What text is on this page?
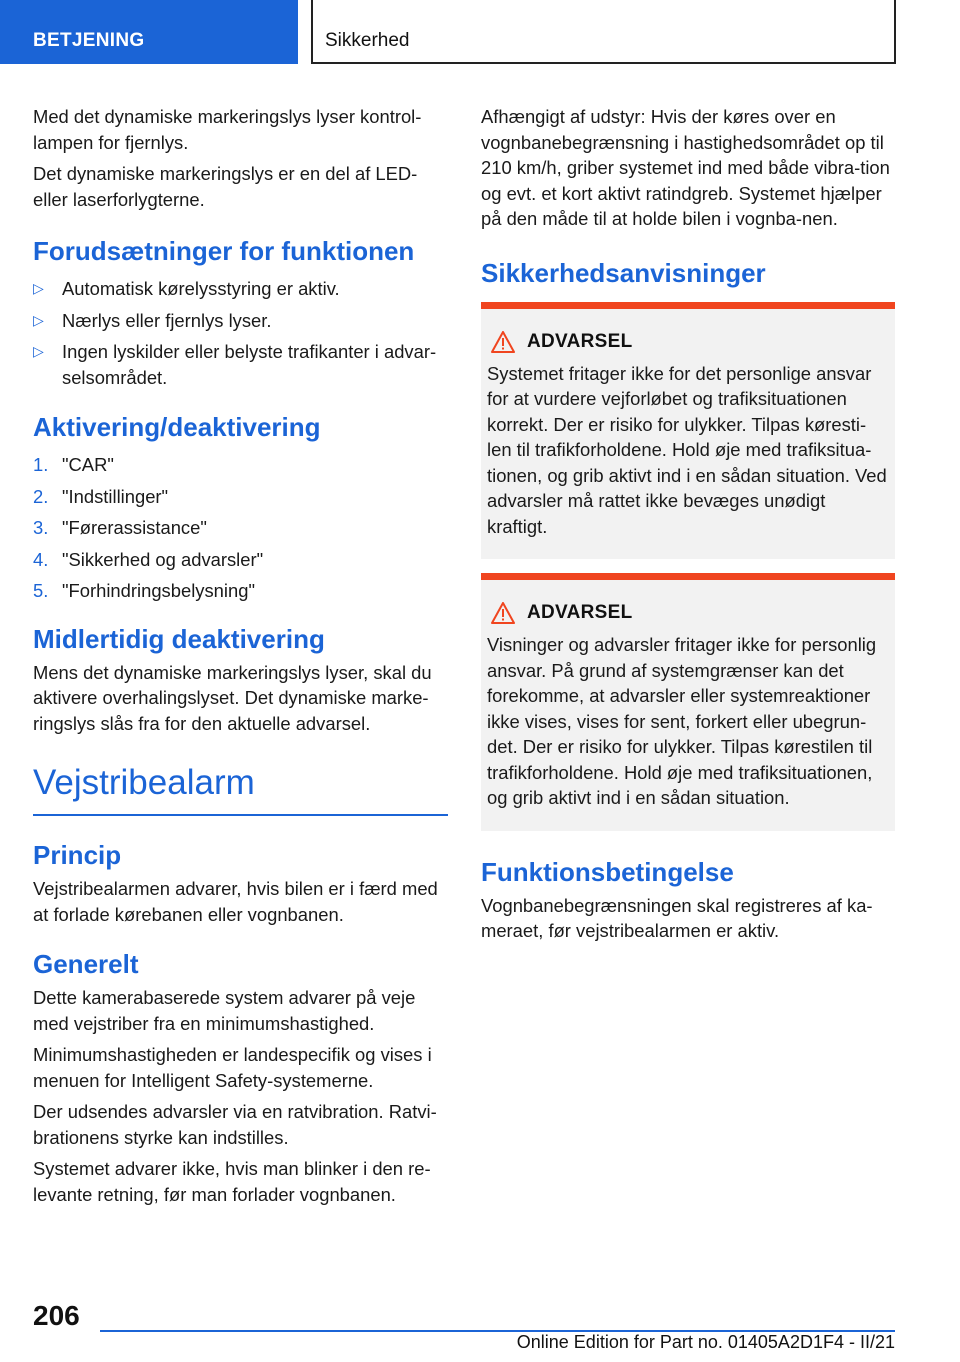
BETJENING	Sikkerhed

Med det dynamiske markeringslys lyser kontrol‐lampen for fjernlys.

Det dynamiske markeringslys er en del af LED-eller laserforlygterne.

Forudsætninger for funktionen
▷ Automatisk kørelysstyring er aktiv.
▷ Nærlys eller fjernlys lyser.
▷ Ingen lyskilder eller belyste trafikanter i advar‐selsområdet.
Aktivering/deaktivering
1. "CAR"
2. "Indstillinger"
3. "Førerassistance"
4. "Sikkerhed og advarsler"
5. "Forhindringsbelysning"
Midlertidig deaktivering

Mens det dynamiske markeringslys lyser, skal du aktivere overhalingslyset. Det dynamiske marke‐ringslys slås fra for den aktuelle advarsel.

Vejstribealarm
Princip

Vejstribealarmen advarer, hvis bilen er i færd med at forlade kørebanen eller vognbanen.

Generelt

Dette kamerabaserede system advarer på veje med vejstriber fra en minimumshastighed.

Minimumshastigheden er landespecifik og vises i menuen for Intelligent Safety-systemerne.

Der udsendes advarsler via en ratvibration. Ratvi‐brationens styrke kan indstilles.

Systemet advarer ikke, hvis man blinker i den re‐levante retning, før man forlader vognbanen.

Afhængigt af udstyr: Hvis der køres over en vognbanebegrænsning i hastighedsområdet op til 210 km/h, griber systemet ind med både vibra‐tion og evt. et kort aktivt ratindgreb. Systemet hjælper på den måde til at holde bilen i vognba‐nen.

Sikkerhedsanvisninger
ADVARSEL

Systemet fritager ikke for det personlige ansvar for at vurdere vejforløbet og trafiksituationen korrekt. Der er risiko for ulykker. Tilpas køresti‐len til trafikforholdene. Hold øje med trafiksitua‐tionen, og grib aktivt ind i en sådan situation. Ved advarsler må rattet ikke bevæges unødigt kraftigt.

ADVARSEL

Visninger og advarsler fritager ikke for personlig ansvar. På grund af systemgrænser kan det forekomme, at advarsler eller systemreaktioner ikke vises, vises for sent, forkert eller ubegrun‐det. Der er risiko for ulykker. Tilpas kørestilen til trafikforholdene. Hold øje med trafiksituationen, og grib aktivt ind i en sådan situation.

Funktionsbetingelse

Vognbanebegrænsningen skal registreres af ka‐meraet, før vejstribealarmen er aktiv.

206
Online Edition for Part no. 01405A2D1F4 - II/21
